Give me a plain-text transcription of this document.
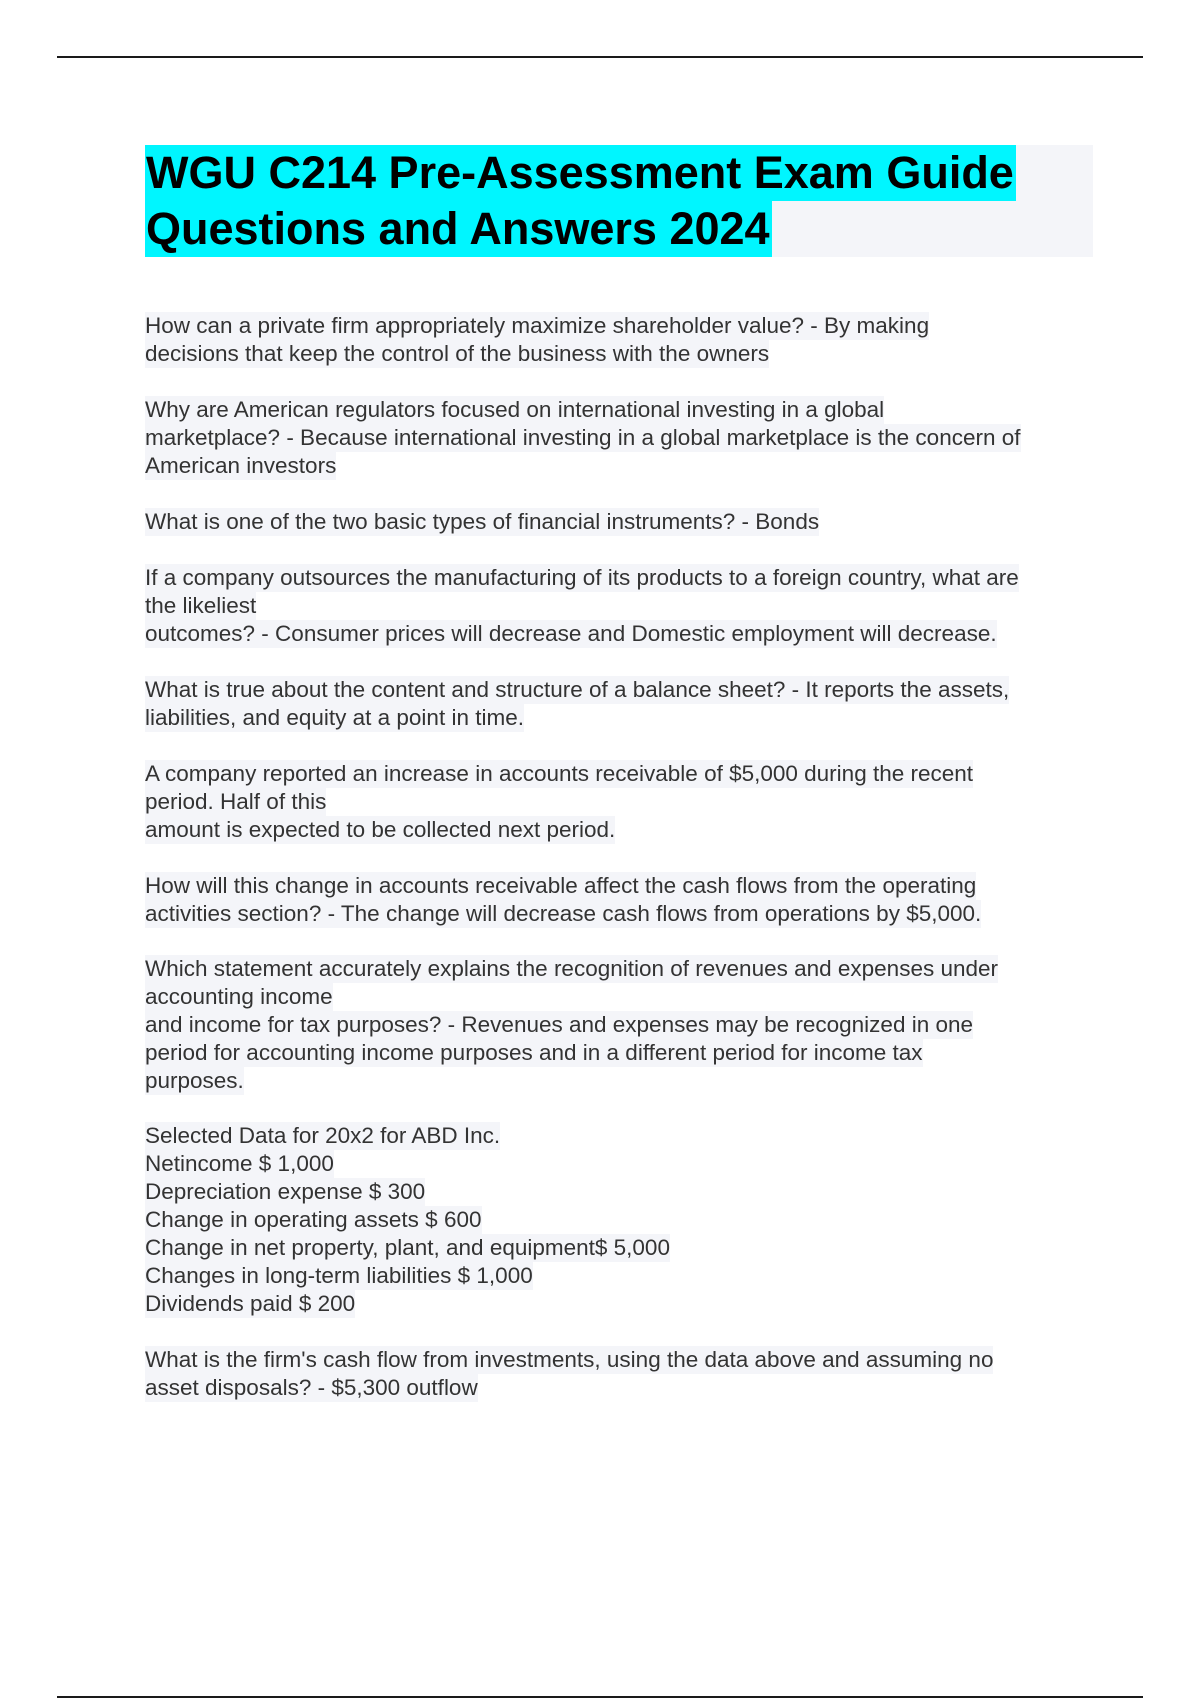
WGU C214 Pre-Assessment Exam Guide
Questions and Answers 2024
How can a private firm appropriately maximize shareholder value? - By making
decisions that keep the control of the business with the owners
Why are American regulators focused on international investing in a global
marketplace? - Because international investing in a global marketplace is the concern of
American investors
What is one of the two basic types of financial instruments? - Bonds
If a company outsources the manufacturing of its products to a foreign country, what are
the likeliest
outcomes? - Consumer prices will decrease and Domestic employment will decrease.
What is true about the content and structure of a balance sheet? - It reports the assets,
liabilities, and equity at a point in time.
A company reported an increase in accounts receivable of $5,000 during the recent
period. Half of this
amount is expected to be collected next period.
How will this change in accounts receivable affect the cash flows from the operating
activities section? - The change will decrease cash flows from operations by $5,000.
Which statement accurately explains the recognition of revenues and expenses under
accounting income
and income for tax purposes? - Revenues and expenses may be recognized in one
period for accounting income purposes and in a different period for income tax
purposes.
Selected Data for 20x2 for ABD Inc.
Netincome $ 1,000
Depreciation expense $ 300
Change in operating assets $ 600
Change in net property, plant, and equipment$ 5,000
Changes in long-term liabilities $ 1,000
Dividends paid $ 200
What is the firm's cash flow from investments, using the data above and assuming no
asset disposals? - $5,300 outflow
